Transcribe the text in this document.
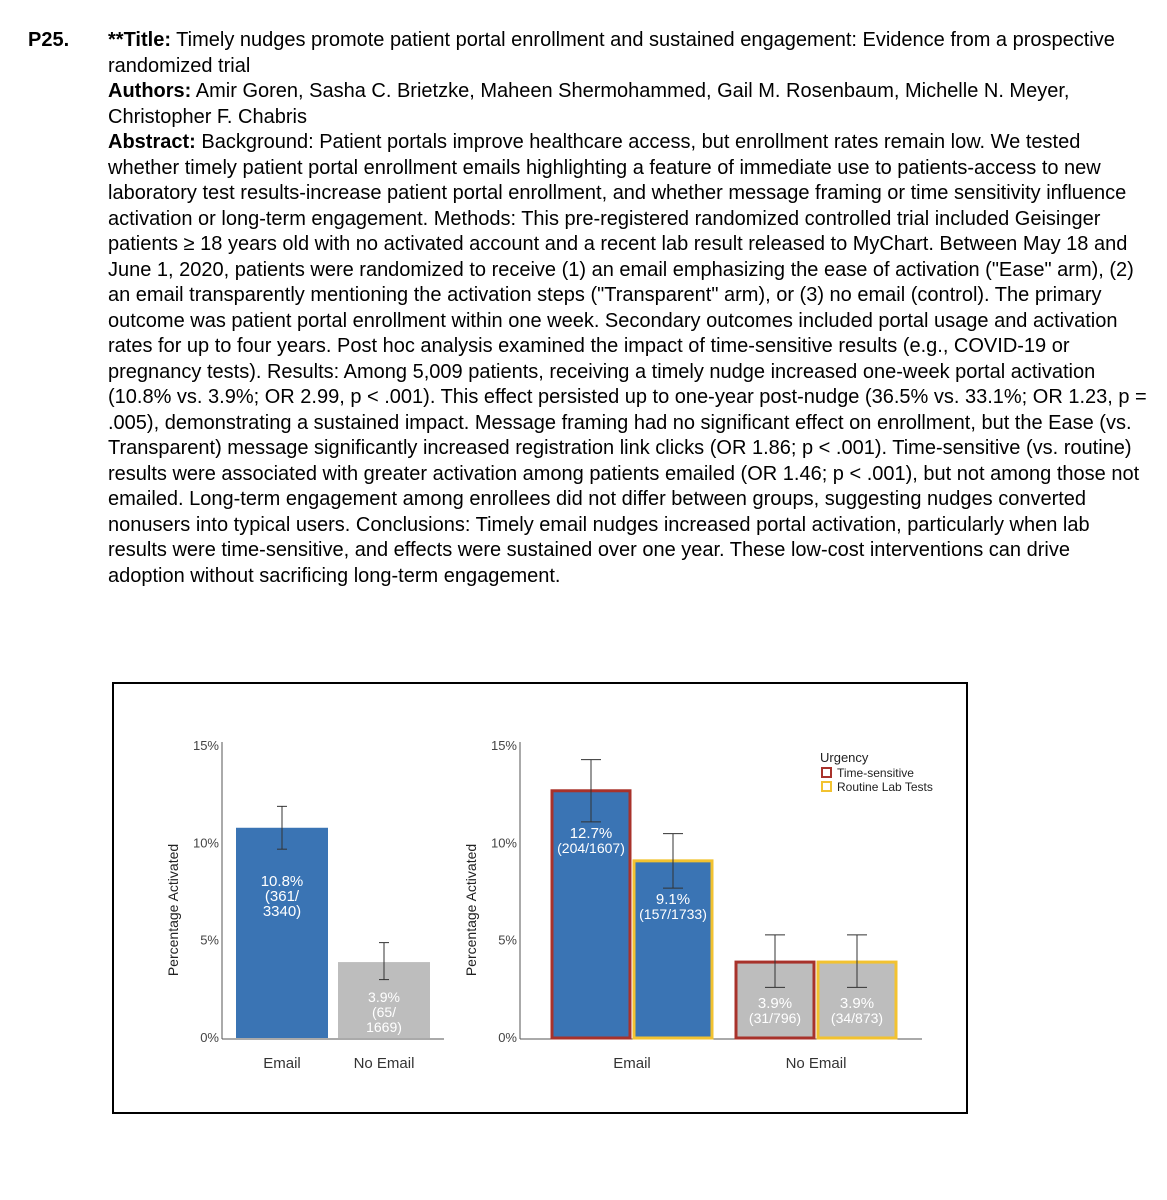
P25. **Title: Timely nudges promote patient portal enrollment and sustained engagement: Evidence from a prospective randomized trial

Authors: Amir Goren, Sasha C. Brietzke, Maheen Shermohammed, Gail M. Rosenbaum, Michelle N. Meyer, Christopher F. Chabris

Abstract: Background: Patient portals improve healthcare access, but enrollment rates remain low. We tested whether timely patient portal enrollment emails highlighting a feature of immediate use to patients-access to new laboratory test results-increase patient portal enrollment, and whether message framing or time sensitivity influence activation or long-term engagement. Methods: This pre-registered randomized controlled trial included Geisinger patients ≥ 18 years old with no activated account and a recent lab result released to MyChart. Between May 18 and June 1, 2020, patients were randomized to receive (1) an email emphasizing the ease of activation ("Ease" arm), (2) an email transparently mentioning the activation steps ("Transparent" arm), or (3) no email (control). The primary outcome was patient portal enrollment within one week. Secondary outcomes included portal usage and activation rates for up to four years. Post hoc analysis examined the impact of time-sensitive results (e.g., COVID-19 or pregnancy tests). Results: Among 5,009 patients, receiving a timely nudge increased one-week portal activation (10.8% vs. 3.9%; OR 2.99, p < .001). This effect persisted up to one-year post-nudge (36.5% vs. 33.1%; OR 1.23, p = .005), demonstrating a sustained impact. Message framing had no significant effect on enrollment, but the Ease (vs. Transparent) message significantly increased registration link clicks (OR 1.86; p < .001). Time-sensitive (vs. routine) results were associated with greater activation among patients emailed (OR 1.46; p < .001), but not among those not emailed. Long-term engagement among enrollees did not differ between groups, suggesting nudges converted nonusers into typical users. Conclusions: Timely email nudges increased portal activation, particularly when lab results were time-sensitive, and effects were sustained over one year. These low-cost interventions can drive adoption without sacrificing long-term engagement.

0%
5%
10%
15%
Percentage Activated	10.8%
(361/
3340)
Email
3.9%
(65/
1669)
No Email
0%
5%
10%
15%
Percentage Activated
12.7%
(204/1607)
3.9%
(31/796)
9.1%
(157/1733)
3.9%
(34/873)
Email	No Email
Urgency
Time-sensitive
Routine Lab Tests
